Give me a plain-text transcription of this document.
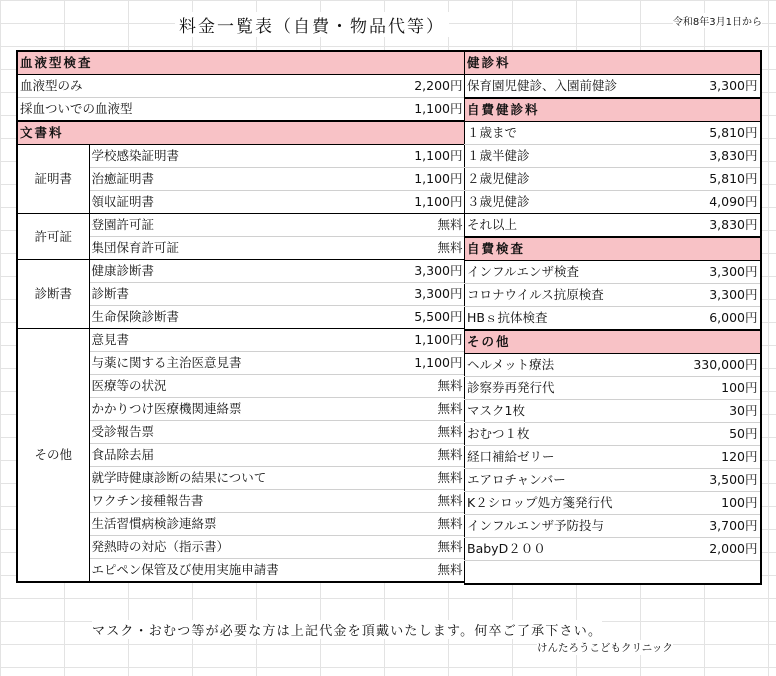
料金一覧表（自費・物品代等）	令和8年3月1日から
血液型検査		
血液型のみ		2,200円
採血ついでの血液型		1,100円
文書料		
証明書	学校感染証明書	1,100円
	治癒証明書	1,100円
	領収証明書	1,100円
許可証	登園許可証	無料
	集団保育許可証	無料
診断書	健康診断書	3,300円
	診断書	3,300円
	生命保険診断書	5,500円
その他	意見書	1,100円
	与薬に関する主治医意見書	1,100円
	医療等の状況	無料
	かかりつけ医療機関連絡票	無料
	受診報告票	無料
	食品除去届	無料
	就学時健康診断の結果について	無料
	ワクチン接種報告書	無料
	生活習慣病検診連絡票	無料
	発熱時の対応（指示書）	無料
	エピペン保管及び使用実施申請書	無料
健診料	
保育園児健診、入園前健診	3,300円
自費健診料	
１歳まで	5,810円
１歳半健診	3,830円
２歳児健診	5,810円
３歳児健診	4,090円
それ以上	3,830円
自費検査	
インフルエンザ検査	3,300円
コロナウイルス抗原検査	3,300円
HBｓ抗体検査	6,000円
その他	
ヘルメット療法	330,000円
診察券再発行代	100円
マスク1枚	30円
おむつ１枚	50円
経口補給ゼリー	120円
エアロチャンバー	3,500円
K２シロップ処方箋発行代	100円
インフルエンザ予防投与	3,700円
BabyD２００	2,000円

マスク・おむつ等が必要な方は上記代金を頂戴いたします。何卒ご了承下さい。
けんたろうこどもクリニック
